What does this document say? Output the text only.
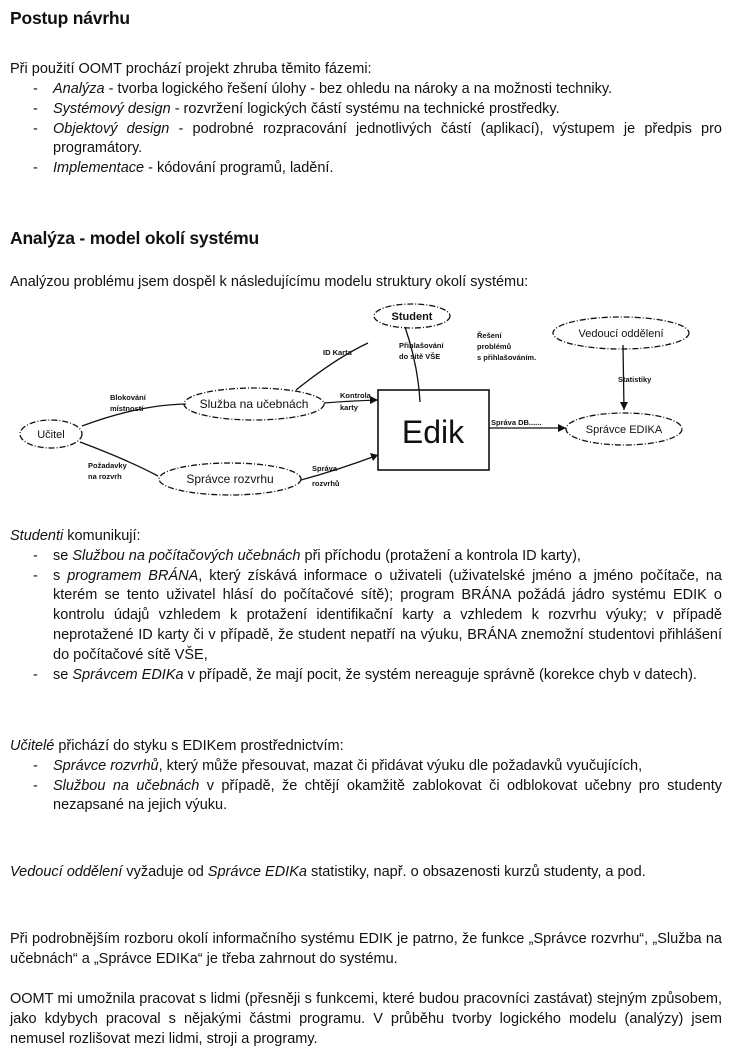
Postup návrhu

Při použití OOMT prochází projekt zhruba těmito fázemi:

- Analýza - tvorba logického řešení úlohy - bez ohledu na nároky a na možnosti techniky.
- Systémový design - rozvržení logických částí systému na technické prostředky.
- Objektový design - podrobné rozpracování jednotlivých částí (aplikací), výstupem je předpis pro programátory.
- Implementace - kódování programů, ladění.
Analýza - model okolí systému

Analýzou problému jsem dospěl k následujícímu modelu struktury okolí systému:

Student
Vedoucí oddělení
Služba na učebnách
Učitel
Správce rozvrhu
Správce EDIKA
Edik
ID Karta
Přihlašování
do sítě VŠE
Řešení
problémů
s přihlašováním.
Statistiky
Blokování
místností
Kontrola
karty
Správa DB......
Požadavky
na rozvrh
Správa
rozvrhů

Studenti komunikují:

- se Službou na počítačových učebnách při příchodu (protažení a kontrola ID karty),
- s programem BRÁNA, který získává informace o uživateli (uživatelské jméno a jméno počítače, na kterém se tento uživatel hlásí do počítačové sítě); program BRÁNA požádá jádro systému EDIK o kontrolu údajů vzhledem k protažení identifikační karty a vzhledem k rozvrhu výuky; v případě neprotažené ID karty či v případě, že student nepatří na výuku, BRÁNA znemožní studentovi přihlášení do počítačové sítě VŠE,
- se Správcem EDIKa v případě, že mají pocit, že systém nereaguje správně (korekce chyb v datech).

Učitelé přichází do styku s EDIKem prostřednictvím:

- Správce rozvrhů, který může přesouvat, mazat či přidávat výuku dle požadavků vyučujících,
- Službou na učebnách v případě, že chtějí okamžitě zablokovat či odblokovat učebny pro studenty nezapsané na jejich výuku.

Vedoucí oddělení vyžaduje od Správce EDIKa statistiky, např. o obsazenosti kurzů studenty, a pod.

Při podrobnějším rozboru okolí informačního systému EDIK je patrno, že funkce „Správce rozvrhu“, „Služba na učebnách“ a „Správce EDIKa“ je třeba zahrnout do systému.

OOMT mi umožnila pracovat s lidmi (přesněji s funkcemi, které budou pracovníci zastávat) stejným způsobem, jako kdybych pracoval s nějakými částmi programu. V průběhu tvorby logického modelu (analýzy) jsem nemusel rozlišovat mezi lidmi, stroji a programy.
